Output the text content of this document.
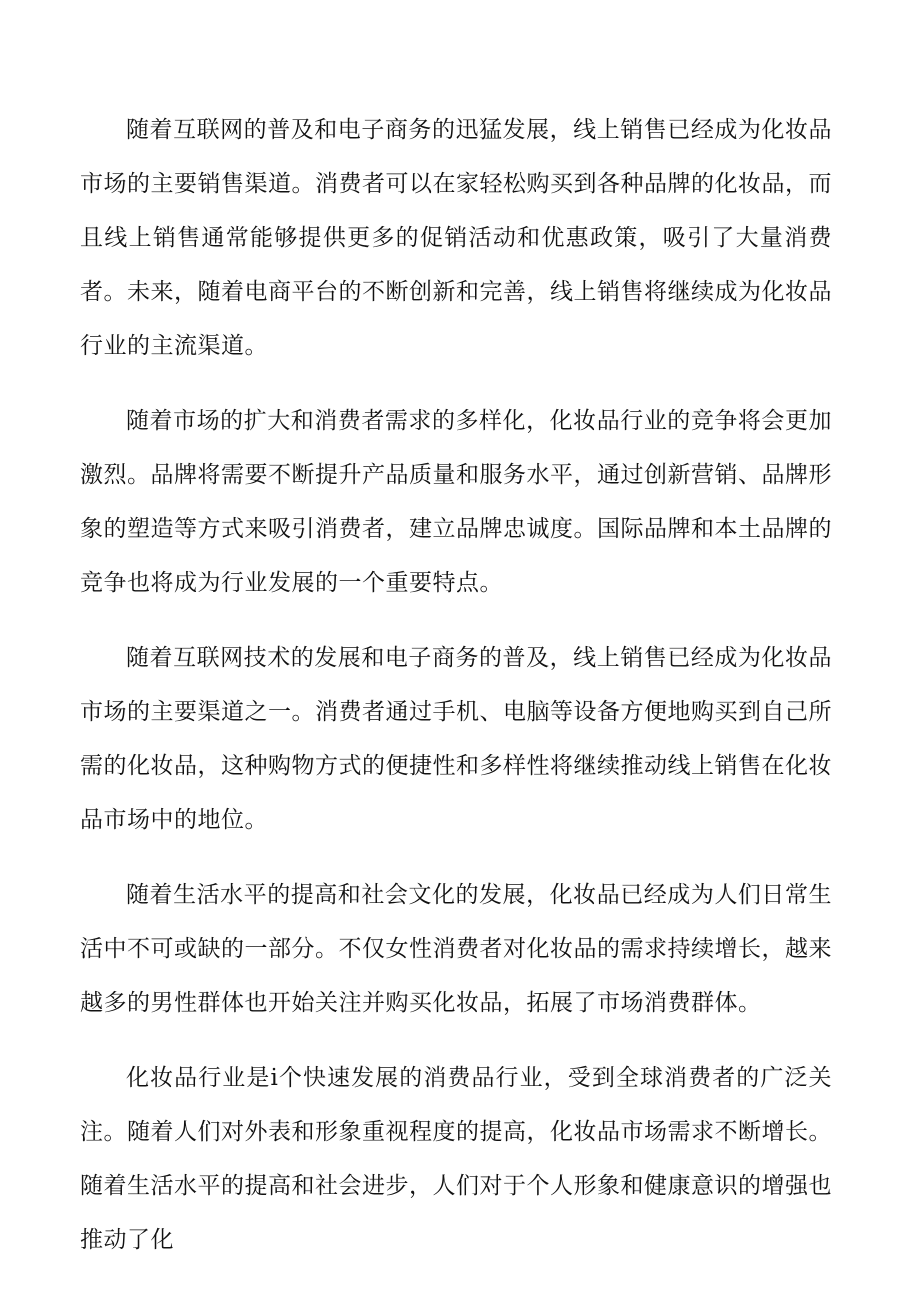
随着互联网的普及和电子商务的迅猛发展，线上销售已经成为化妆品市场的主要销售渠道。消费者可以在家轻松购买到各种品牌的化妆品，而且线上销售通常能够提供更多的促销活动和优惠政策，吸引了大量消费者。未来，随着电商平台的不断创新和完善，线上销售将继续成为化妆品行业的主流渠道。

随着市场的扩大和消费者需求的多样化，化妆品行业的竞争将会更加激烈。品牌将需要不断提升产品质量和服务水平，通过创新营销、品牌形象的塑造等方式来吸引消费者，建立品牌忠诚度。国际品牌和本土品牌的竞争也将成为行业发展的一个重要特点。

随着互联网技术的发展和电子商务的普及，线上销售已经成为化妆品市场的主要渠道之一。消费者通过手机、电脑等设备方便地购买到自己所需的化妆品，这种购物方式的便捷性和多样性将继续推动线上销售在化妆品市场中的地位。

随着生活水平的提高和社会文化的发展，化妆品已经成为人们日常生活中不可或缺的一部分。不仅女性消费者对化妆品的需求持续增长，越来越多的男性群体也开始关注并购买化妆品，拓展了市场消费群体。

化妆品行业是i个快速发展的消费品行业，受到全球消费者的广泛关注。随着人们对外表和形象重视程度的提高，化妆品市场需求不断增长。随着生活水平的提高和社会进步，人们对于个人形象和健康意识的增强也推动了化
